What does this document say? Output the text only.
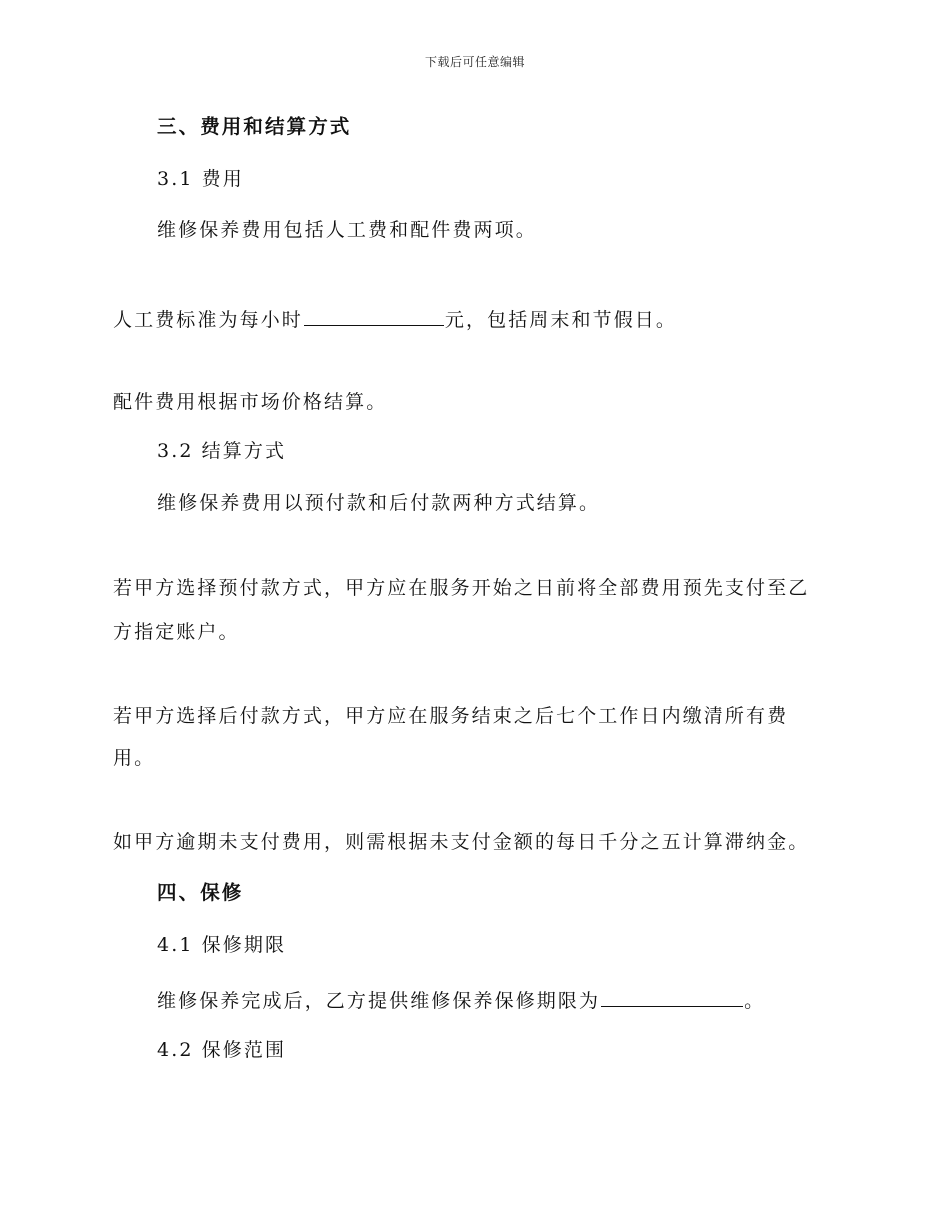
下载后可任意编辑
三、费用和结算方式
3.1 费用
维修保养费用包括人工费和配件费两项。
人工费标准为每小时	元，包括周末和节假日。
配件费用根据市场价格结算。
3.2 结算方式
维修保养费用以预付款和后付款两种方式结算。
若甲方选择预付款方式，甲方应在服务开始之日前将全部费用预先支付至乙
方指定账户。
若甲方选择后付款方式，甲方应在服务结束之后七个工作日内缴清所有费
用。
如甲方逾期未支付费用，则需根据未支付金额的每日千分之五计算滞纳金。
四、保修
4.1 保修期限
维修保养完成后，乙方提供维修保养保修期限为	。
4.2 保修范围
